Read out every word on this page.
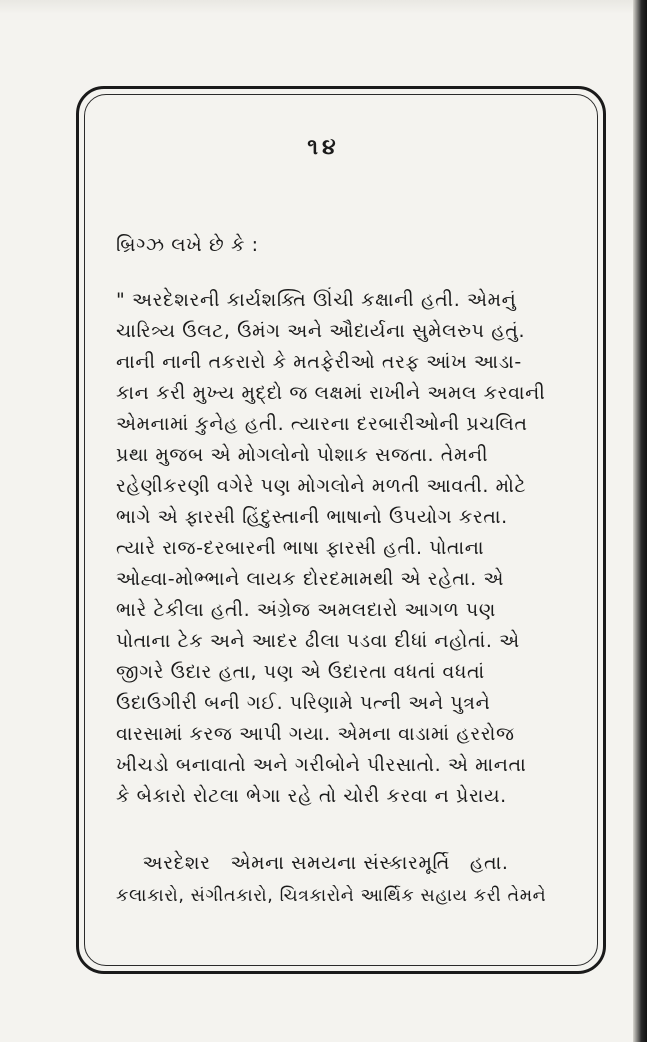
૧૪
બ્રિગ્ઝ લખે છે કે :
" અરદેશરની કાર્યશક્તિ ઊંચી કક્ષાની હતી. એમનું
ચારિત્ર્ય ઉલટ, ઉમંગ અને ઔદાર્યના સુમેલરુપ હતું.
નાની નાની તકરારો કે મતફેરીઓ તરફ આંખ આડા-
કાન કરી મુખ્ય મુદ્દો જ લક્ષમાં રાખીને અમલ કરવાની
એમનામાં કુનેહ હતી. ત્યારના દરબારીઓની પ્રચલિત
પ્રથા મુજબ એ મોગલોનો પોશાક સજતા. તેમની
રહેણીકરણી વગેરે પણ મોગલોને મળતી આવતી. મોટે
ભાગે એ ફારસી હિંદુસ્તાની ભાષાનો ઉપયોગ કરતા.
ત્યારે રાજ-દરબારની ભાષા ફારસી હતી. પોતાના
ઓહ્વા-મોભ્ભાને લાયક દોરદમામથી એ રહેતા. એ
ભારે ટેકીલા હતી. અંગ્રેજ અમલદારો આગળ પણ
પોતાના ટેક અને આદર ઢીલા પડવા દીધાં નહોતાં. એ
જીગરે ઉદાર હતા, પણ એ ઉદારતા વધતાં વધતાં
ઉદાઉગીરી બની ગઈ. પરિણામે પત્ની અને પુત્રને
વારસામાં કરજ આપી ગયા. એમના વાડામાં હરરોજ
ખીચડો બનાવાતો અને ગરીબોને પીરસાતો. એ માનતા
કે બેકારો રોટલા ભેગા રહે તો ચોરી કરવા ન પ્રેરાય.
અરદેશર   એમના સમયના સંસ્કારમૂર્તિ   હતા.
કલાકારો, સંગીતકારો, ચિત્રકારોને આર્થિક સહાય કરી તેમને
